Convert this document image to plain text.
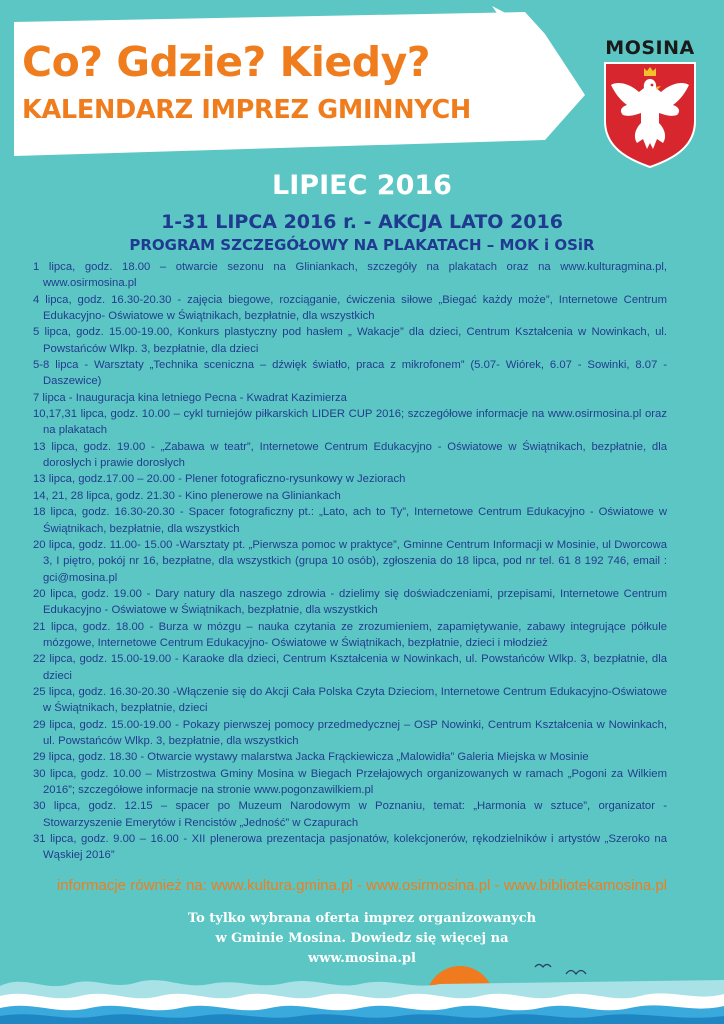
Co? Gdzie? Kiedy?
KALENDARZ IMPREZ GMINNYCH
MOSINA
LIPIEC 2016
1-31 LIPCA 2016 r. - AKCJA LATO 2016
PROGRAM SZCZEGÓŁOWY NA PLAKATACH – MOK i OSiR
1 lipca, godz. 18.00 – otwarcie sezonu na Gliniankach, szczegóły na plakatach oraz na www.kulturagmina.pl, www.osirmosina.pl
4 lipca, godz. 16.30-20.30 - zajęcia biegowe, rozciąganie, ćwiczenia siłowe „Biegać każdy może”, Internetowe Centrum Edukacyjno- Oświatowe w Świątnikach, bezpłatnie, dla wszystkich
5 lipca, godz. 15.00-19.00, Konkurs plastyczny pod hasłem „ Wakacje” dla dzieci, Centrum Kształcenia w Nowinkach, ul. Powstańców Wlkp. 3, bezpłatnie, dla dzieci
5-8 lipca - Warsztaty „Technika sceniczna – dźwięk światło, praca z mikrofonem” (5.07- Wiórek, 6.07 - Sowinki, 8.07 - Daszewice)
7 lipca - Inauguracja kina letniego Pecna - Kwadrat Kazimierza
10,17,31 lipca, godz. 10.00 – cykl turniejów piłkarskich LIDER CUP 2016; szczegółowe informacje na www.osirmosina.pl oraz na plakatach
13 lipca, godz. 19.00 - „Zabawa w teatr”, Internetowe Centrum Edukacyjno - Oświatowe w Świątnikach, bezpłatnie, dla dorosłych i prawie dorosłych
13 lipca, godz.17.00 – 20.00 - Plener fotograficzno-rysunkowy w Jeziorach
14, 21, 28 lipca, godz. 21.30 - Kino plenerowe na Gliniankach
18 lipca, godz. 16.30-20.30 - Spacer fotograficzny pt.: „Lato, ach to Ty”, Internetowe Centrum Edukacyjno - Oświatowe w Świątnikach, bezpłatnie, dla wszystkich
20 lipca, godz. 11.00- 15.00 -Warsztaty pt. „Pierwsza pomoc w praktyce”, Gminne Centrum Informacji w Mosinie, ul Dworcowa 3, I piętro, pokój nr 16, bezpłatne, dla wszystkich (grupa 10 osób), zgłoszenia do 18 lipca, pod nr tel. 61 8 192 746, email : gci@mosina.pl
20 lipca, godz. 19.00 - Dary natury dla naszego zdrowia - dzielimy się doświadczeniami, przepisami, Internetowe Centrum Edukacyjno - Oświatowe w Świątnikach, bezpłatnie, dla wszystkich
21 lipca, godz. 18.00 - Burza w mózgu – nauka czytania ze zrozumieniem, zapamiętywanie, zabawy integrujące półkule mózgowe, Internetowe Centrum Edukacyjno- Oświatowe w Świątnikach, bezpłatnie, dzieci i młodzież
22 lipca, godz. 15.00-19.00 - Karaoke dla dzieci, Centrum Kształcenia w Nowinkach, ul. Powstańców Wlkp. 3, bezpłatnie, dla dzieci
25 lipca, godz. 16.30-20.30 -Włączenie się do Akcji Cała Polska Czyta Dzieciom, Internetowe Centrum Edukacyjno-Oświatowe w Świątnikach, bezpłatnie, dzieci
29 lipca, godz. 15.00-19.00 - Pokazy pierwszej pomocy przedmedycznej – OSP Nowinki, Centrum Kształcenia w Nowinkach, ul. Powstańców Wlkp. 3, bezpłatnie, dla wszystkich
29 lipca, godz. 18.30 - Otwarcie wystawy malarstwa Jacka Frąckiewicza „Malowidła” Galeria Miejska w Mosinie
30 lipca, godz. 10.00 – Mistrzostwa Gminy Mosina w Biegach Przełajowych organizowanych w ramach „Pogoni za Wilkiem 2016”; szczegółowe informacje na stronie www.pogonzawilkiem.pl
30 lipca, godz. 12.15 – spacer po Muzeum Narodowym w Poznaniu, temat: „Harmonia w sztuce”, organizator - Stowarzyszenie Emerytów i Rencistów „Jedność” w Czapurach
31 lipca, godz. 9.00 – 16.00 - XII plenerowa prezentacja pasjonatów, kolekcjonerów, rękodzielników i artystów „Szeroko na Wąskiej 2016”
informacje również na: www.kultura.gmina.pl - www.osirmosina.pl - www.bibliotekamosina.pl
To tylko wybrana oferta imprez organizowanych
w Gminie Mosina. Dowiedz się więcej na
www.mosina.pl
